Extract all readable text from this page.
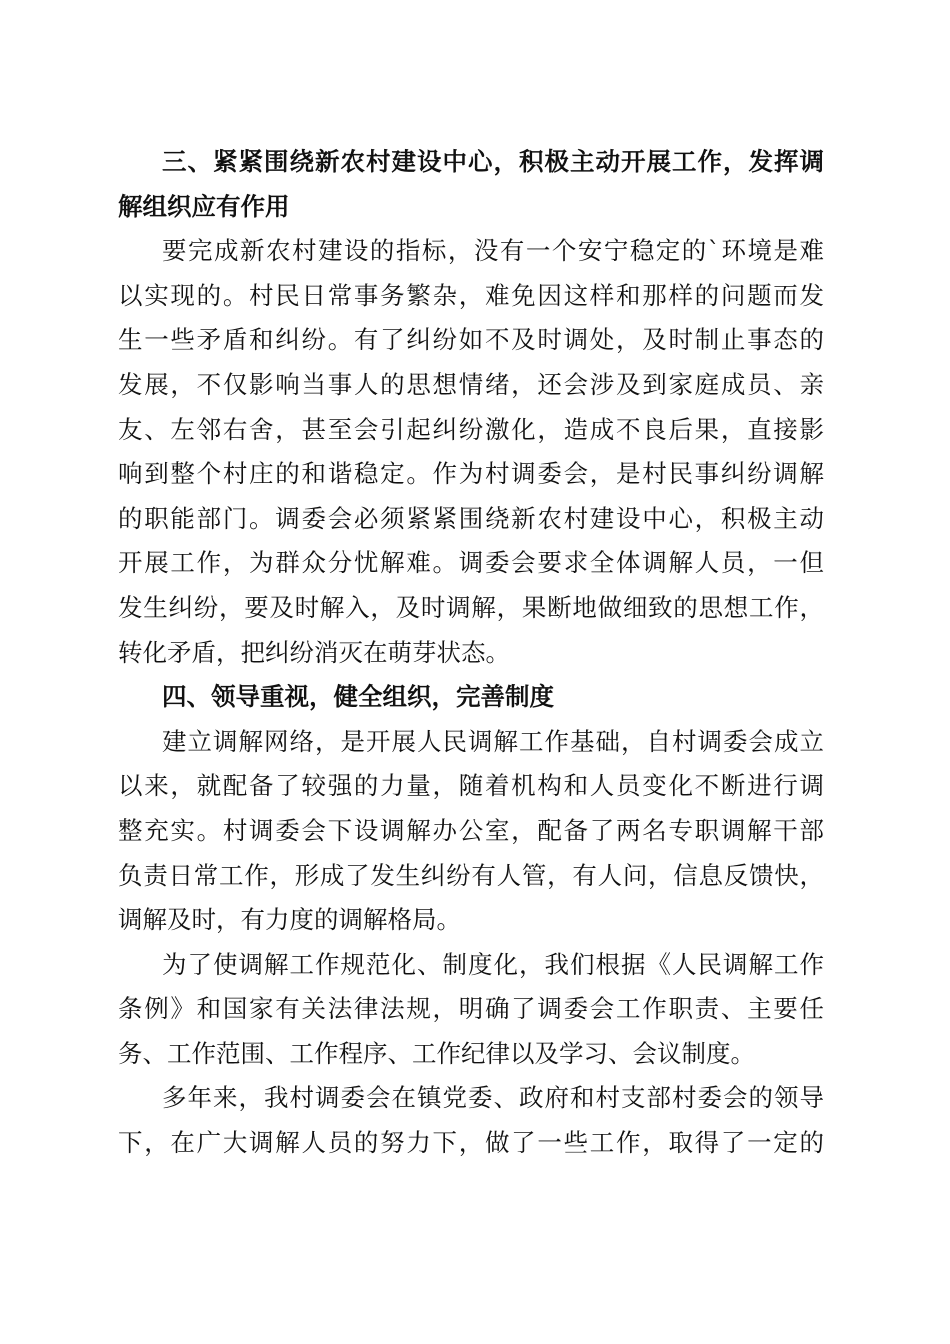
三、紧紧围绕新农村建设中心，积极主动开展工作，发挥调
解组织应有作用
要完成新农村建设的指标，没有一个安宁稳定的`环境是难
以实现的。村民日常事务繁杂，难免因这样和那样的问题而发
生一些矛盾和纠纷。有了纠纷如不及时调处，及时制止事态的
发展，不仅影响当事人的思想情绪，还会涉及到家庭成员、亲
友、左邻右舍，甚至会引起纠纷激化，造成不良后果，直接影
响到整个村庄的和谐稳定。作为村调委会，是村民事纠纷调解
的职能部门。调委会必须紧紧围绕新农村建设中心，积极主动
开展工作，为群众分忧解难。调委会要求全体调解人员，一但
发生纠纷，要及时解入，及时调解，果断地做细致的思想工作，
转化矛盾，把纠纷消灭在萌芽状态。
四、领导重视，健全组织，完善制度
建立调解网络，是开展人民调解工作基础，自村调委会成立
以来，就配备了较强的力量，随着机构和人员变化不断进行调
整充实。村调委会下设调解办公室，配备了两名专职调解干部
负责日常工作，形成了发生纠纷有人管，有人问，信息反馈快，
调解及时，有力度的调解格局。
为了使调解工作规范化、制度化，我们根据《人民调解工作
条例》和国家有关法律法规，明确了调委会工作职责、主要任
务、工作范围、工作程序、工作纪律以及学习、会议制度。
多年来，我村调委会在镇党委、政府和村支部村委会的领导
下，在广大调解人员的努力下，做了一些工作，取得了一定的
